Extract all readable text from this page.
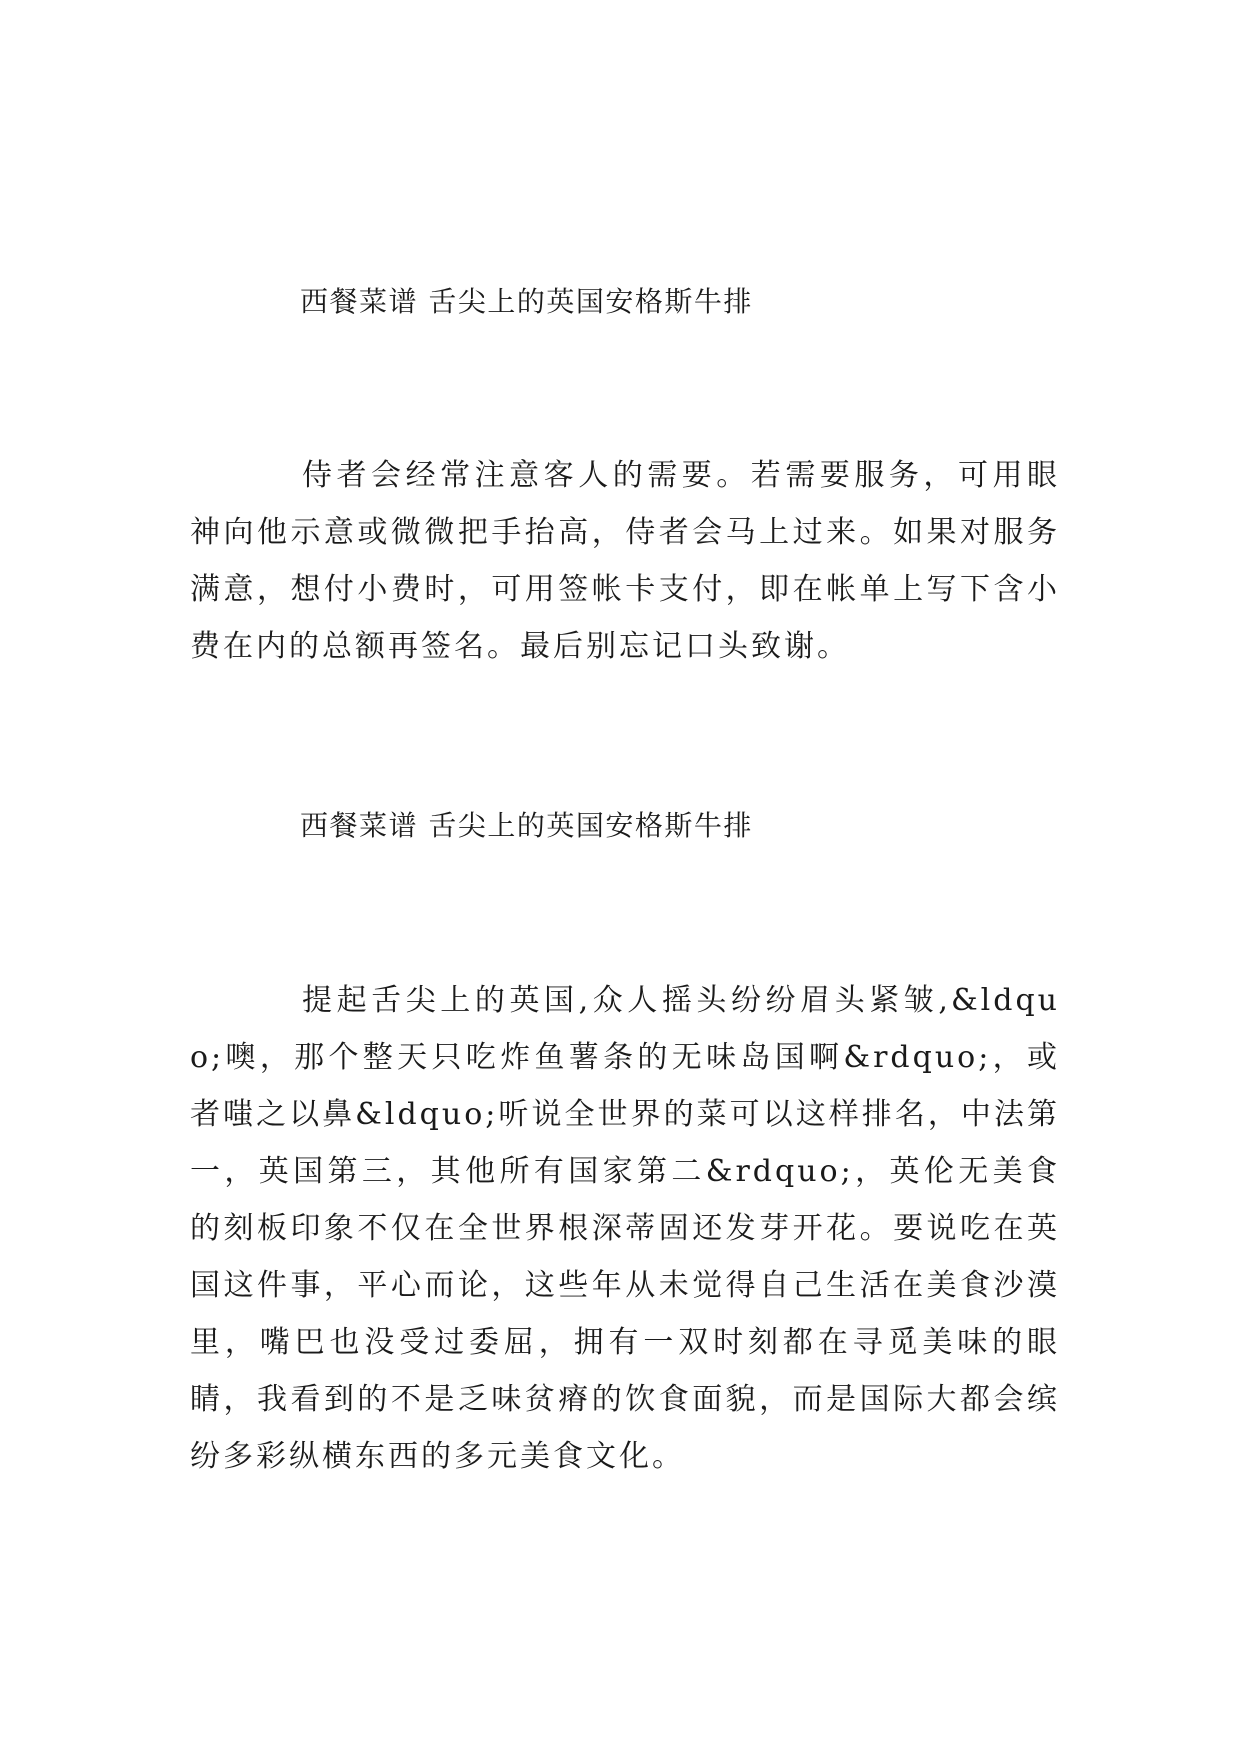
西餐菜谱 舌尖上的英国安格斯牛排

侍者会经常注意客人的需要。若需要服务，可用眼神向他示意或微微把手抬高，侍者会马上过来。如果对服务满意，想付小费时，可用签帐卡支付，即在帐单上写下含小费在内的总额再签名。最后别忘记口头致谢。

西餐菜谱 舌尖上的英国安格斯牛排

提起舌尖上的英国,众人摇头纷纷眉头紧皱,&ldquo;噢，那个整天只吃炸鱼薯条的无味岛国啊&rdquo;，或者嗤之以鼻&ldquo;听说全世界的菜可以这样排名，中法第一，英国第三，其他所有国家第二&rdquo;，英伦无美食的刻板印象不仅在全世界根深蒂固还发芽开花。要说吃在英国这件事，平心而论，这些年从未觉得自己生活在美食沙漠里，嘴巴也没受过委屈，拥有一双时刻都在寻觅美味的眼睛，我看到的不是乏味贫瘠的饮食面貌，而是国际大都会缤纷多彩纵横东西的多元美食文化。
